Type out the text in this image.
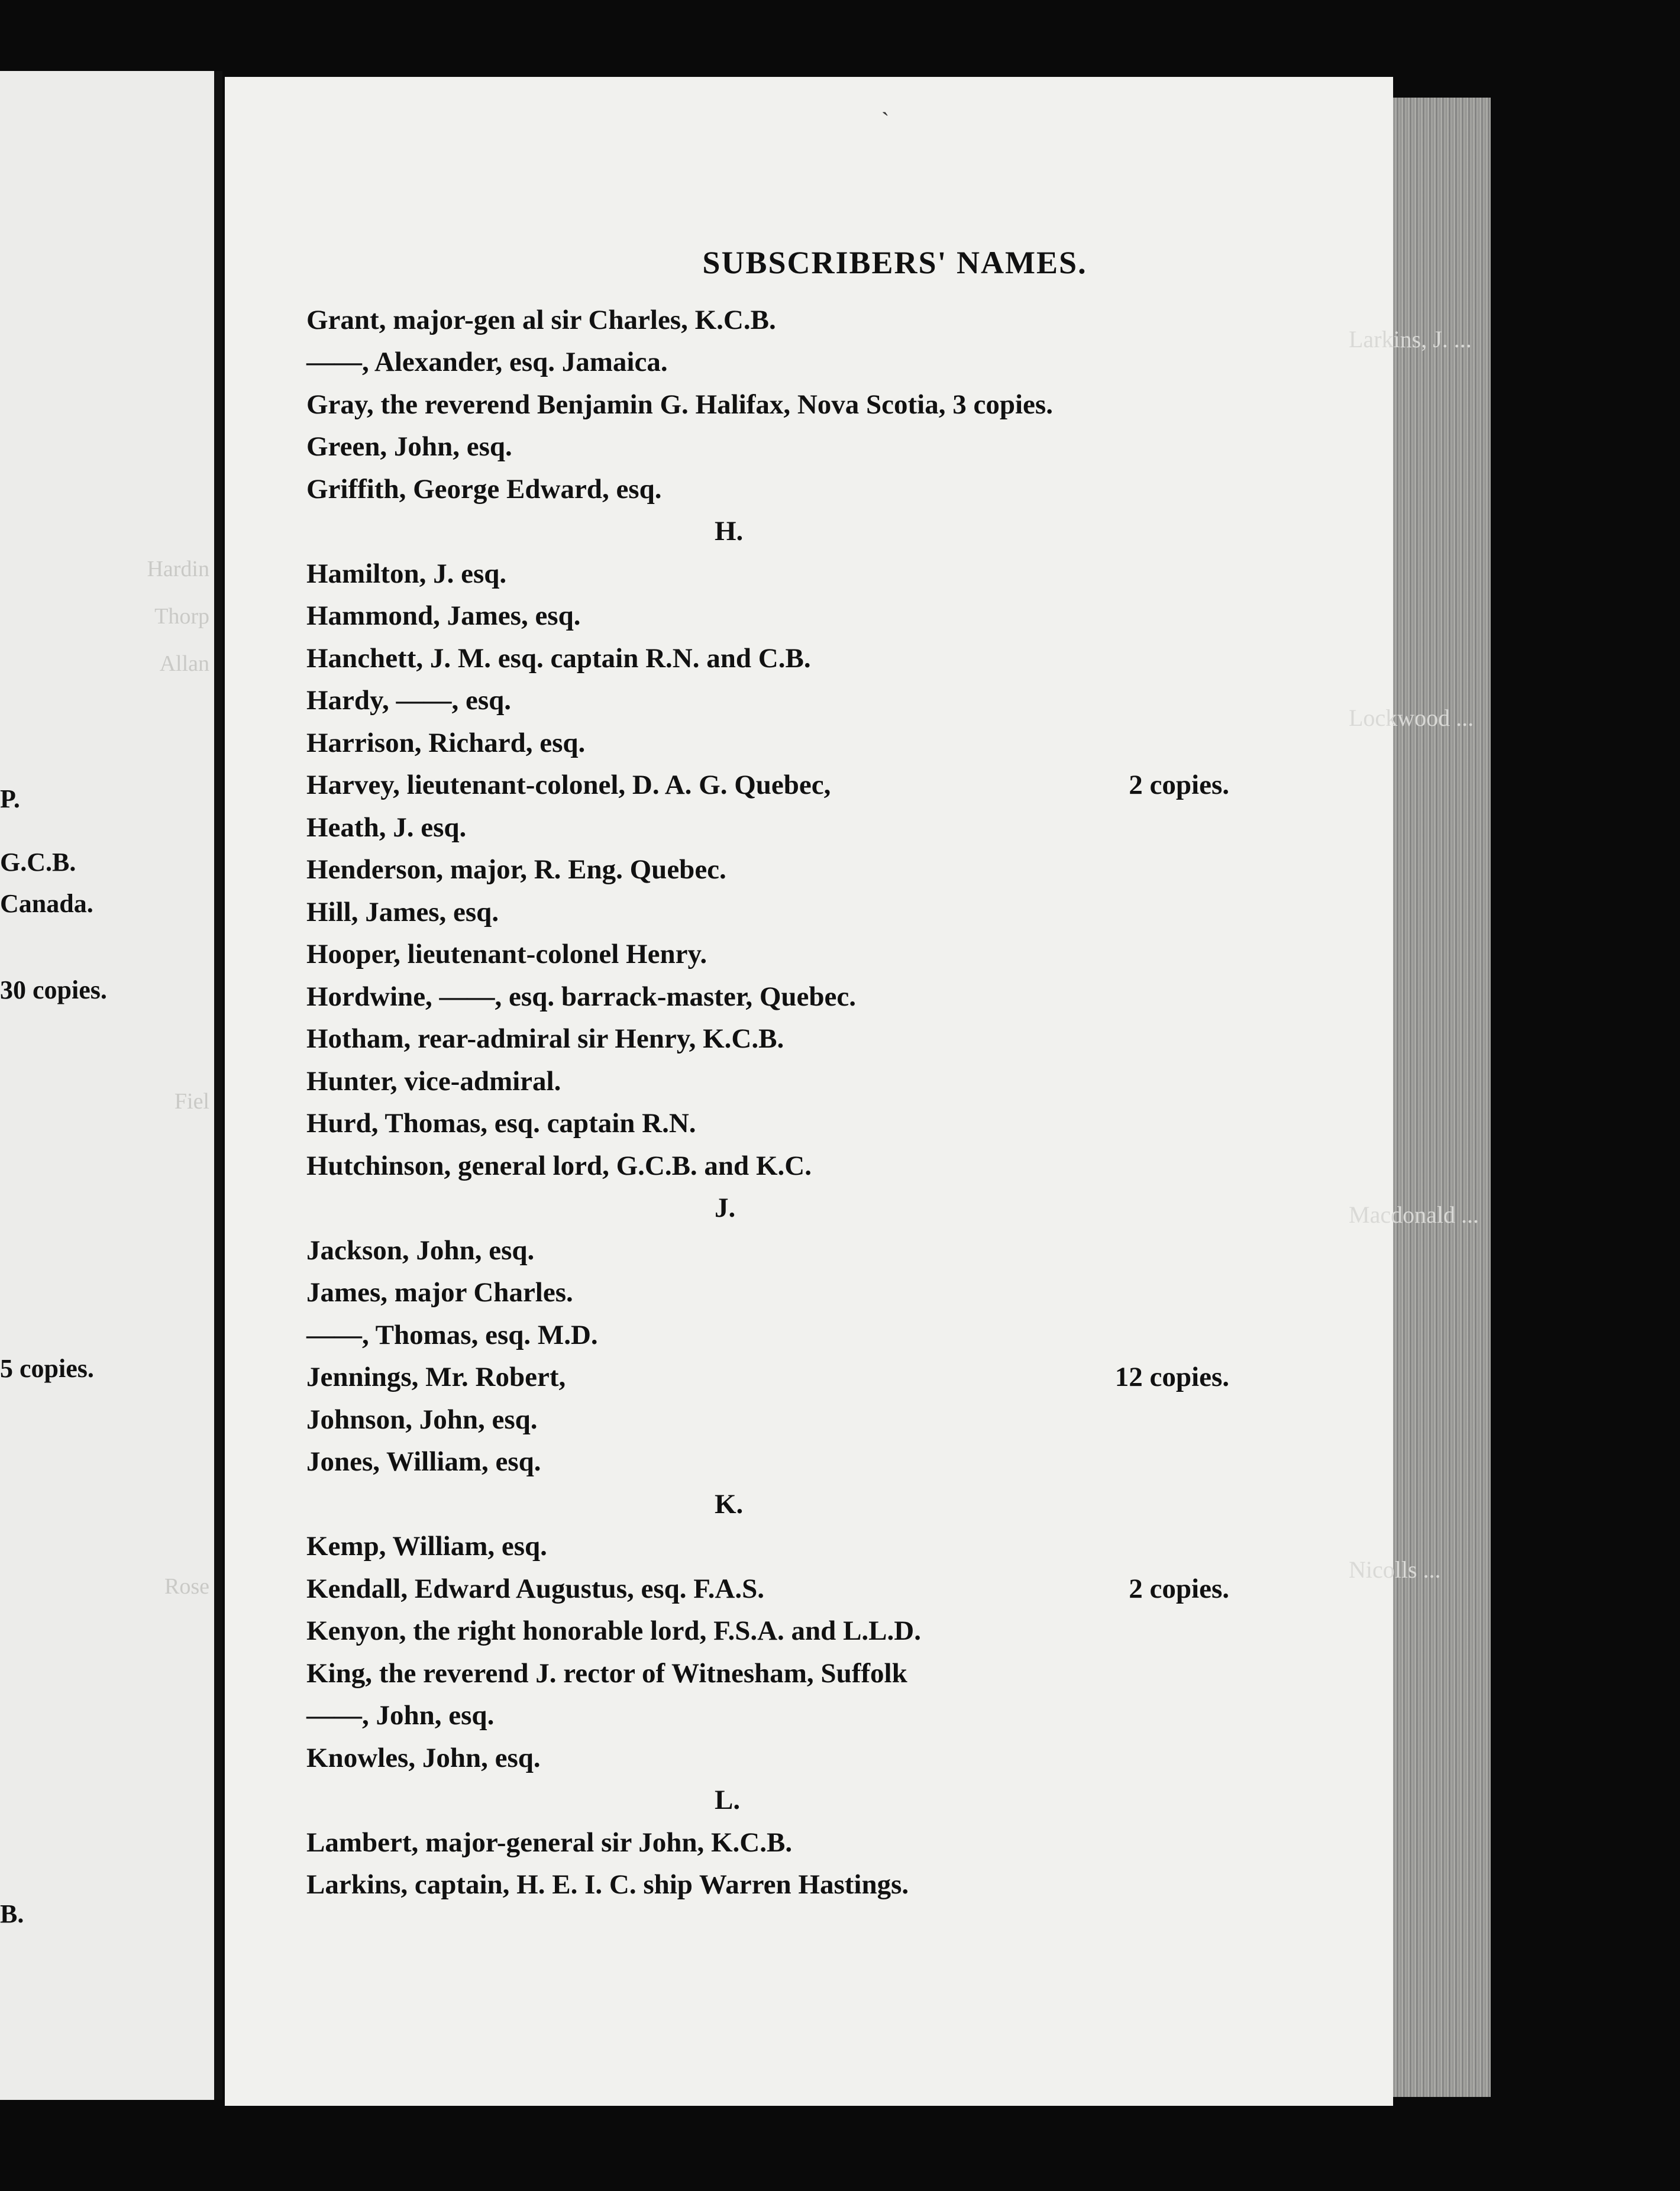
Hardin
Thorp
Allan
Fiel
Rose

P.

G.C.B.

Canada.

30 copies.

5 copies.

B.

Larkins, J. ...
Lockwood ...
Macdonald ...
Nicolls ...
ˏ
SUBSCRIBERS' NAMES.
Grant, major-gen al sir Charles, K.C.B.
——, Alexander, esq. Jamaica.
Gray, the reverend Benjamin G. Halifax, Nova Scotia, 3 copies.
Green, John, esq.
Griffith, George Edward, esq.
H.
Hamilton, J. esq.
Hammond, James, esq.
Hanchett, J. M. esq. captain R.N. and C.B.
Hardy, ——, esq.
Harrison, Richard, esq.
Harvey, lieutenant-colonel, D. A. G. Quebec,	2 copies.
Heath, J. esq.
Henderson, major, R. Eng. Quebec.
Hill, James, esq.
Hooper, lieutenant-colonel Henry.
Hordwine, ——, esq. barrack-master, Quebec.
Hotham, rear-admiral sir Henry, K.C.B.
Hunter, vice-admiral.
Hurd, Thomas, esq. captain R.N.
Hutchinson, general lord, G.C.B. and K.C.
J.
Jackson, John, esq.
James, major Charles.
——, Thomas, esq. M.D.
Jennings, Mr. Robert,	12 copies.
Johnson, John, esq.
Jones, William, esq.
K.
Kemp, William, esq.
Kendall, Edward Augustus, esq. F.A.S.	2 copies.
Kenyon, the right honorable lord, F.S.A. and L.L.D.
King, the reverend J. rector of Witnesham, Suffolk
——, John, esq.
Knowles, John, esq.
L.
Lambert, major-general sir John, K.C.B.
Larkins, captain, H. E. I. C. ship Warren Hastings.
